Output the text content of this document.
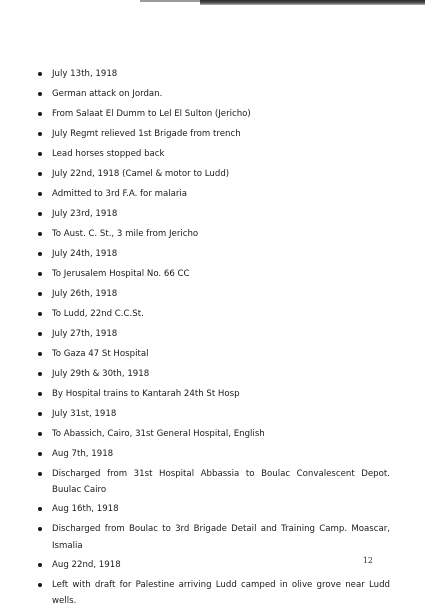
July 13th, 1918
German attack on Jordan.
From Salaat El Dumm to Lel El Sulton (Jericho)
July Regmt relieved 1st Brigade from trench
Lead horses stopped back
July 22nd, 1918 (Camel & motor to Ludd)
Admitted to 3rd F.A. for malaria
July 23rd, 1918
To Aust. C. St., 3 mile from Jericho
July 24th, 1918
To Jerusalem Hospital No. 66 CC
July 26th, 1918
To Ludd, 22nd C.C.St.
July 27th, 1918
To Gaza 47 St Hospital
July 29th & 30th, 1918
By Hospital trains to Kantarah 24th St Hosp
July 31st, 1918
To Abassich, Cairo, 31st General Hospital, English
Aug 7th, 1918
Discharged from 31st Hospital Abbassia to Boulac Convalescent Depot. Buulac Cairo
Aug 16th, 1918
Discharged from Boulac to 3rd Brigade Detail and Training Camp. Moascar, Ismalia
Aug 22nd, 1918
Left with draft for Palestine arriving Ludd camped in olive grove near Ludd wells.
12
